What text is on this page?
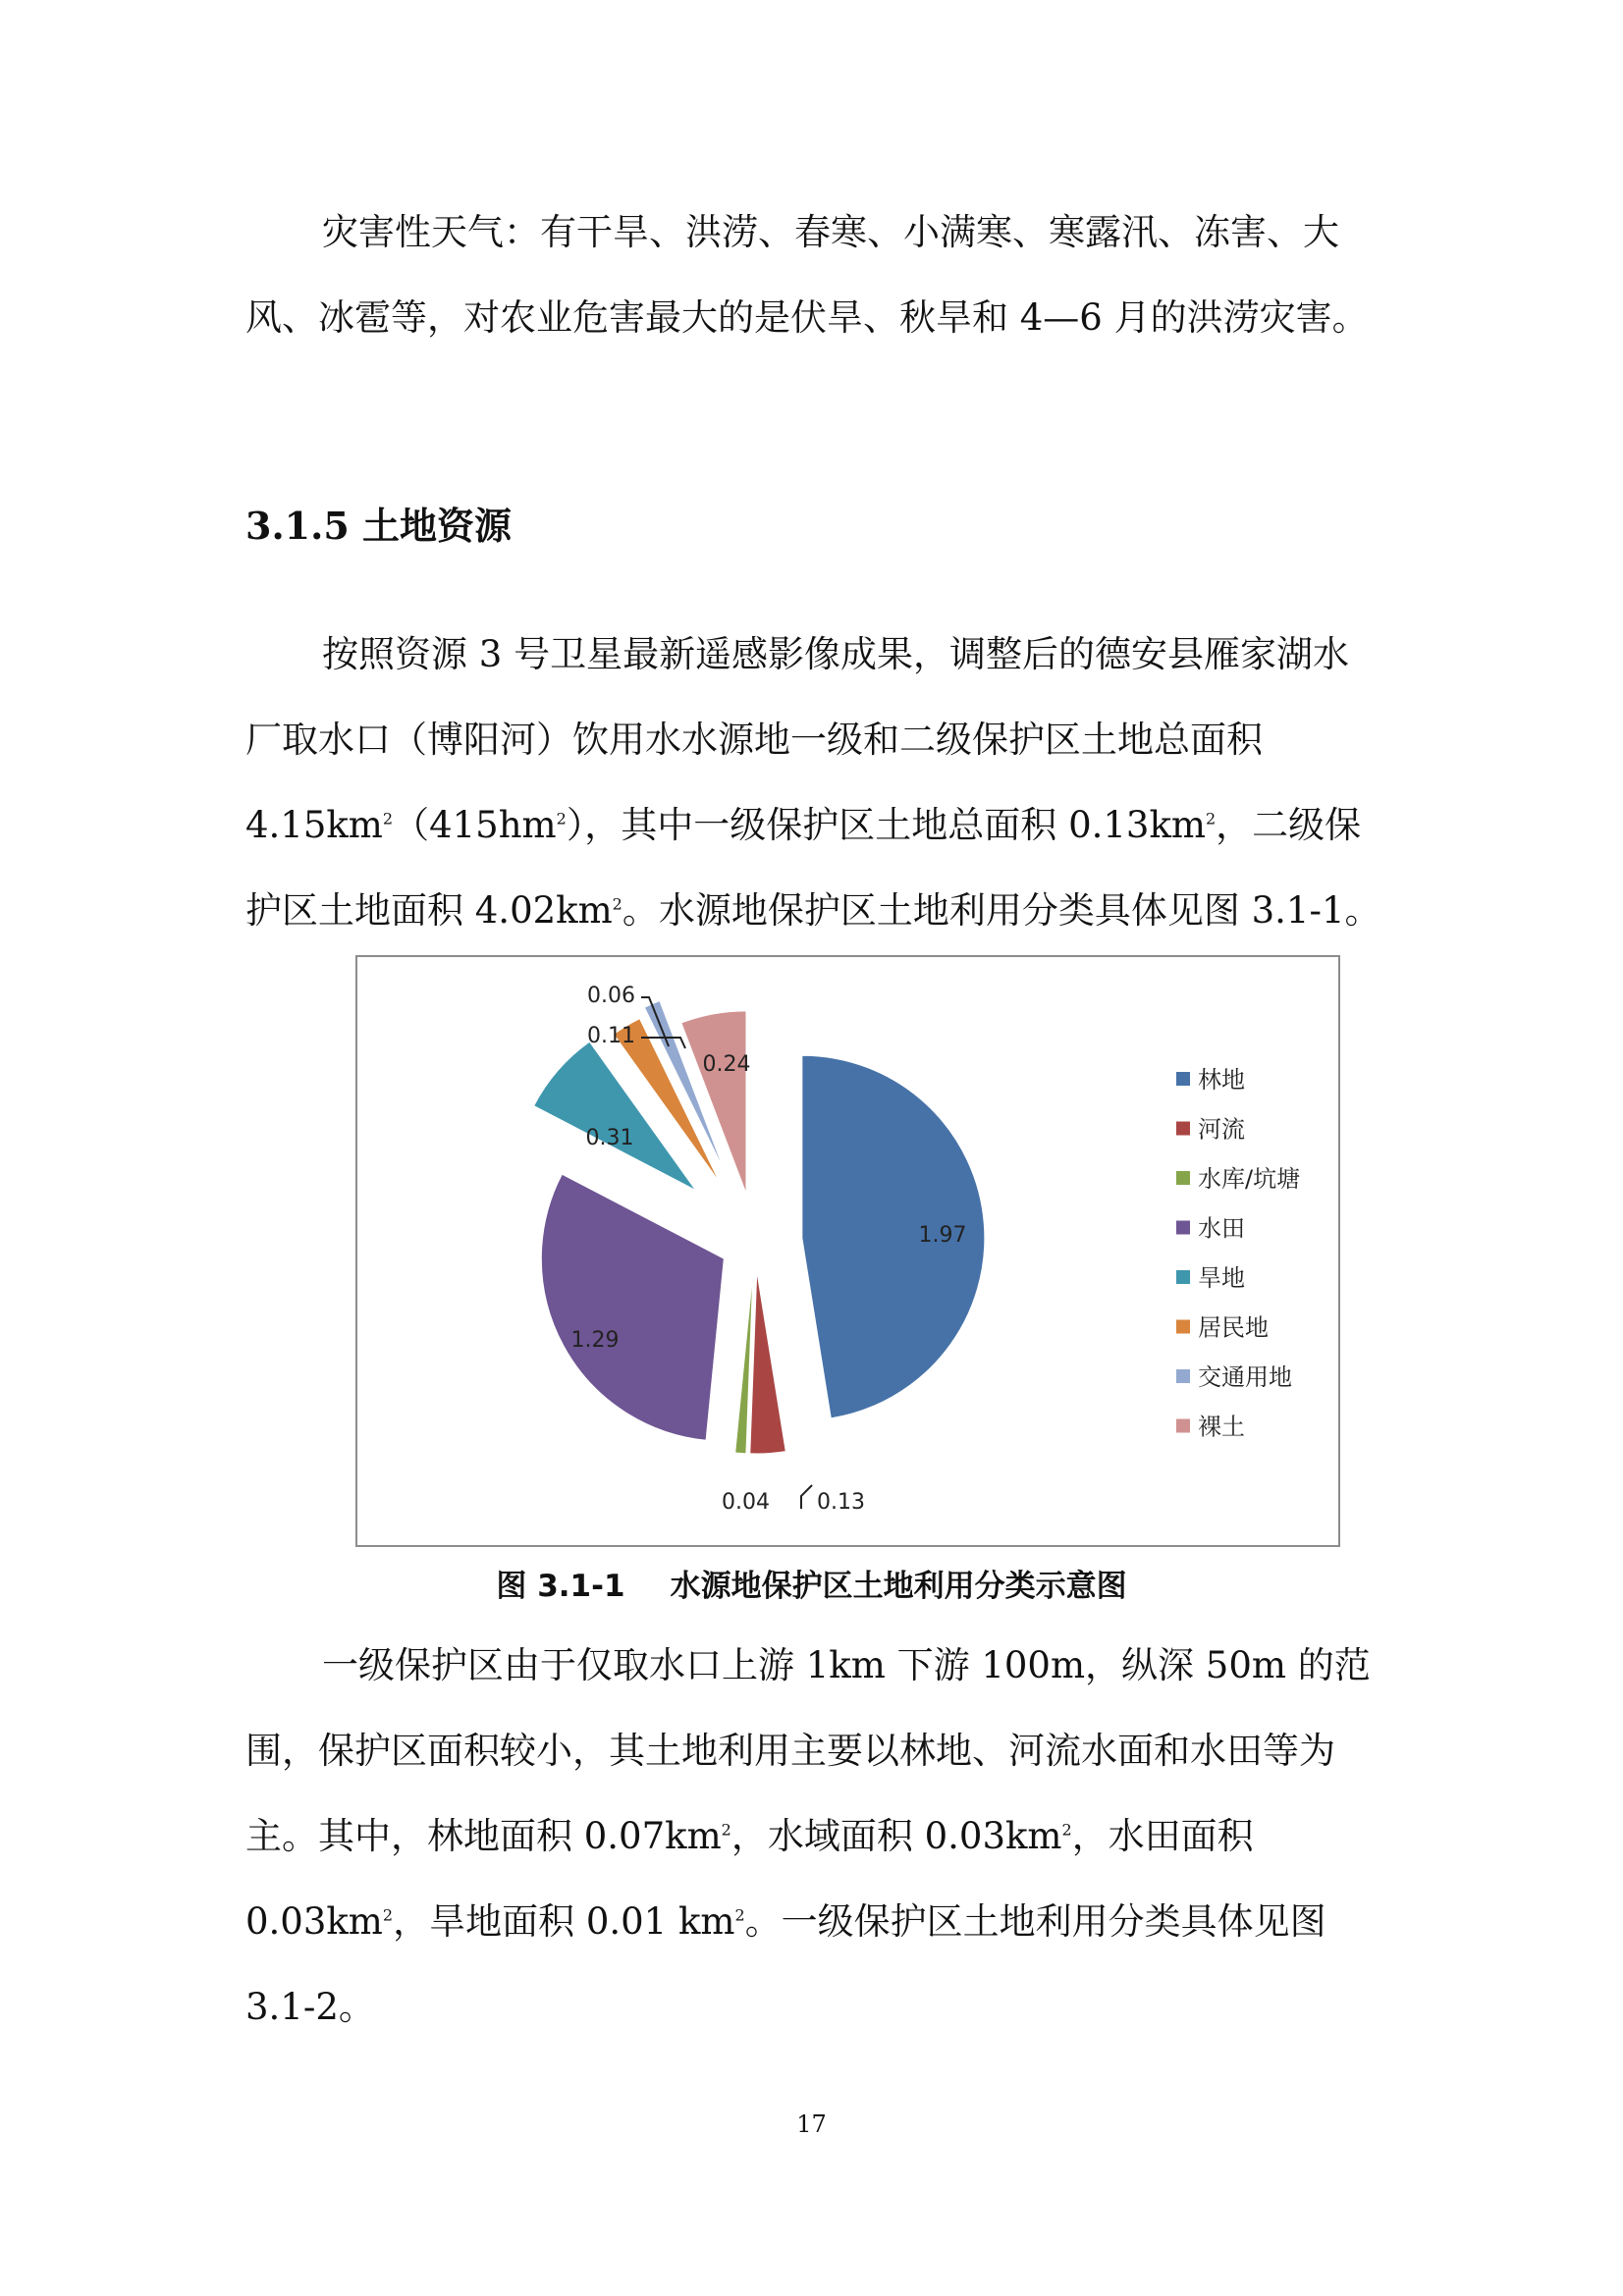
灾害性天气：有干旱、洪涝、春寒、小满寒、寒露汛、冻害、大风、冰雹等，对农业危害最大的是伏旱、秋旱和 4—6 月的洪涝灾害。

3.1.5 土地资源

按照资源 3 号卫星最新遥感影像成果，调整后的德安县雁家湖水厂取水口（博阳河）饮用水水源地一级和二级保护区土地总面积 $4.15km^2(415hm^2)$，其中一级保护区土地总面积 $0.13km^2$，二级保护区土地面积 $4.02km^2$。水源地保护区土地利用分类具体见图 3.1-1。

1.97
0.13
0.04
1.29
0.31
0.11
0.06
0.24
林地
河流
水库/坑塘
水田
旱地
居民地
交通用地
裸土
图 3.1-1 水源地保护区土地利用分类示意图

一级保护区由于仅取水口上游 1km 下游 100m，纵深 50m 的范围，保护区面积较小，其土地利用主要以林地、河流水面和水田等为主。其中，林地面积 $0.07km^2$，水域面积 $0.03km^2$，水田面积 $0.03km^2$，旱地面积 0.01 $km^2$。一级保护区土地利用分类具体见图 3.1-2。

17
